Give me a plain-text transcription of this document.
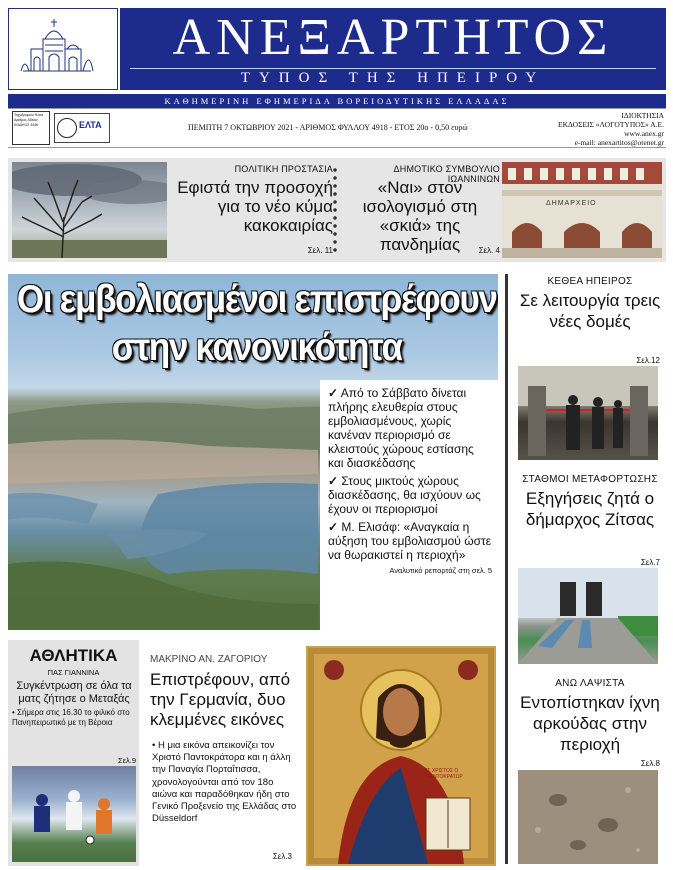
ΑΝΕΞΑΡΤΗΤΟΣ
ΤΥΠΟΣ ΤΗΣ ΗΠΕΙΡΟΥ
ΚΑΘΗΜΕΡΙΝΗ ΕΦΗΜΕΡΙΔΑ ΒΟΡΕΙΟΔΥΤΙΚΗΣ ΕΛΛΑΔΑΣ
Ταχυδρομείο Ηλεία Αριθμός Αδείας ΚΩΔΙΚΟΣ 4446	ΕΛΤΑ	ΠΕΜΠΤΗ 7 ΟΚΤΩΒΡΙΟΥ 2021 - ΑΡΙΘΜΟΣ ΦΥΛΛΟΥ 4918 - ΕΤΟΣ 20ο - 0,50 ευρώ
ΙΔΙΟΚΤΗΣΙΑ
ΕΚΔΟΣΕΙΣ «ΛΟΓΟΤΥΠΟΣ» Α.Ε.
www.anex.gr
e-mail: anexartitos@otenet.gr
ΠΟΛΙΤΙΚΗ ΠΡΟΣΤΑΣΙΑ
Εφιστά την προσοχή για το νέο κύμα κακοκαιρίας
Σελ. 11
ΔΗΜΟΤΙΚΟ ΣΥΜΒΟΥΛΙΟ ΙΩΑΝΝΙΝΩΝ
«Ναι» στον ισολογισμό στη «σκιά» της πανδημίας	Σελ. 4
ΔΗΜΑΡΧΕΙΟ
Οι εμβολιασμένοι επιστρέφουν στην κανονικότητα
✓ Από το Σάββατο δίνεται πλήρης ελευθερία στους εμβολιασμένους, χωρίς κανέναν περιορισμό σε κλειστούς χώρους εστίασης και διασκέδασης
✓ Στους μικτούς χώρους διασκέδασης, θα ισχύουν ως έχουν οι περιορισμοί
✓ Μ. Ελισάφ: «Αναγκαία η αύξηση του εμβολιασμού ώστε να θωρακιστεί η περιοχή»
Αναλυτικό ρεπορτάζ στη σελ. 5
ΚΕΘΕΑ ΗΠΕΙΡΟΣ
Σε λειτουργία τρεις νέες δομές
Σελ.12
ΣΤΑΘΜΟΙ ΜΕΤΑΦΟΡΤΩΣΗΣ
Εξηγήσεις ζητά ο δήμαρχος Ζίτσας
Σελ.7
ΑΝΩ ΛΑΨΙΣΤΑ
Εντοπίστηκαν ίχνη αρκούδας στην περιοχή
Σελ.8
ΑΘΛΗΤΙΚΑ
ΠΑΣ ΓΙΑΝΝΙΝΑ
Συγκέντρωση σε όλα τα ματς ζήτησε ο Μεταξάς
• Σήμερα στις 16.30 το φιλικό στο Πανηπειρωτικό με τη Βέροια
Σελ.9
ΜΑΚΡΙΝΟ ΑΝ. ΖΑΓΟΡΙΟΥ
Επιστρέφουν, από την Γερμανία, δυο κλεμμένες εικόνες
• Η μια εικόνα απεικονίζει τον Χριστό Παντοκράτορα και η άλλη την Παναγία Πορταΐτισσα, χρονολογούνται από τον 18ο αιώνα και παραδόθηκαν ήδη στο Γενικό Προξενείο της Ελλάδας στο Düsseldorf
Σελ.3
ΙΣ ΧΡΙΣΤΟΣ Ο ΠΑΝΤΟΚΡΑΤΩΡ
